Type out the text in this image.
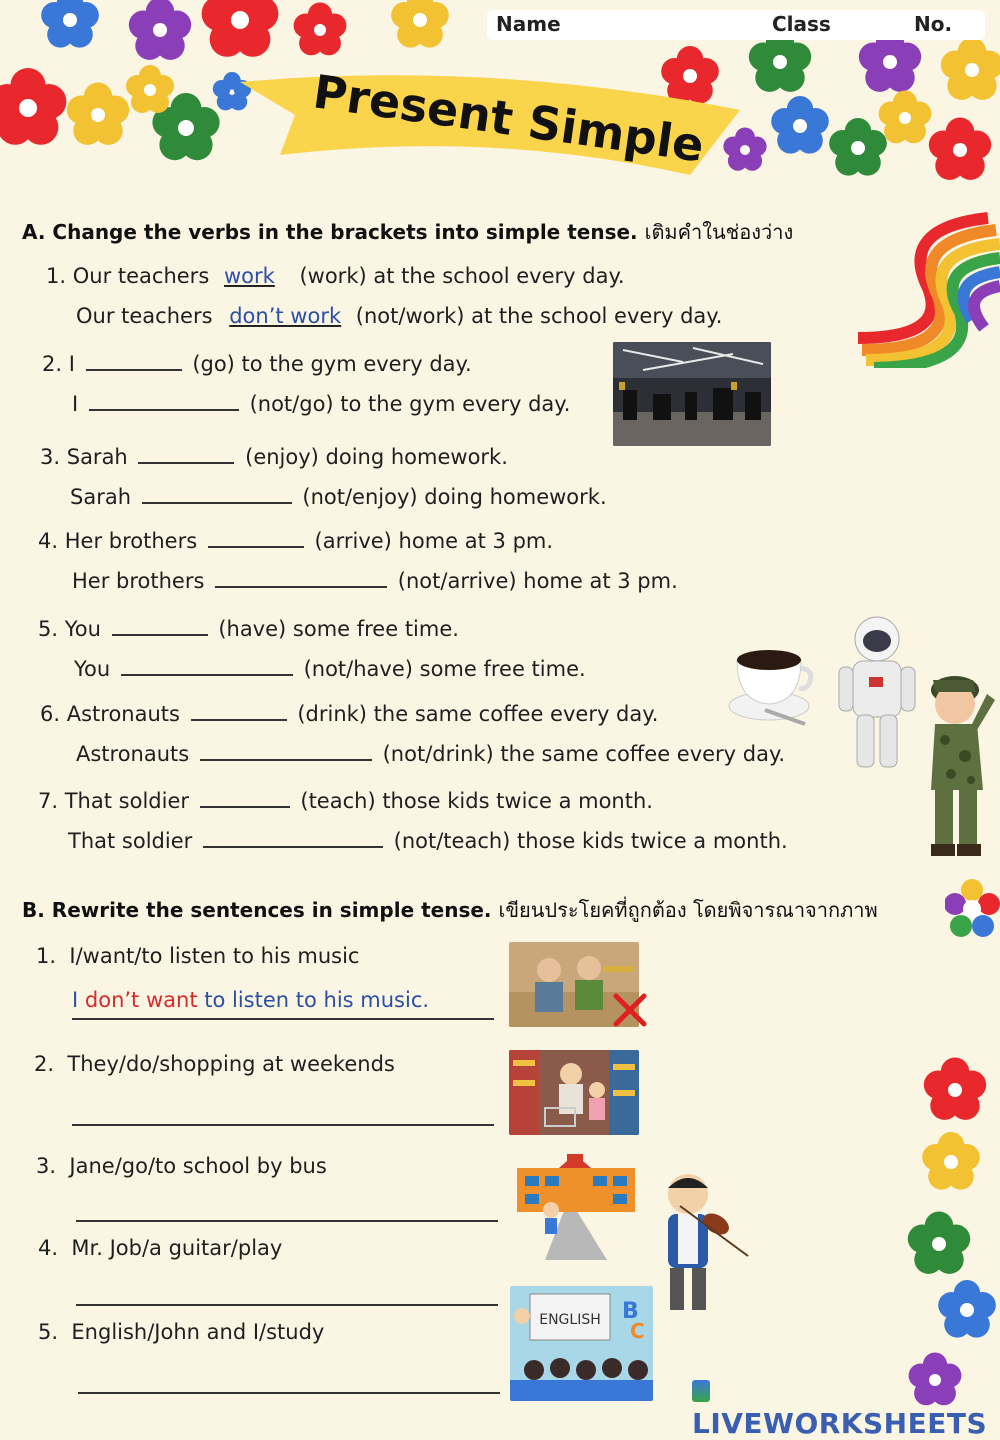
Name	Class	No.
Present Simple
A. Change the verbs in the brackets into simple tense. เติมคำในช่องว่าง
1. Our teachers work (work) at the school every day.
Our teachers don’t work (not/work) at the school every day.
2. I	(go) to the gym every day.
I	(not/go) to the gym every day.
3. Sarah	(enjoy) doing homework.
Sarah	(not/enjoy) doing homework.
4. Her brothers	(arrive) home at 3 pm.
Her brothers	(not/arrive) home at 3 pm.
5. You	(have) some free time.
You	(not/have) some free time.
6. Astronauts	(drink) the same coffee every day.
Astronauts	(not/drink) the same coffee every day.
7. That soldier	(teach) those kids twice a month.
That soldier	(not/teach) those kids twice a month.
B. Rewrite the sentences in simple tense. เขียนประโยคที่ถูกต้อง โดยพิจารณาจากภาพ
1. I/want/to listen to his music
I don’t want to listen to his music.
2. They/do/shopping at weekends
3. Jane/go/to school by bus
4. Mr. Job/a guitar/play
5. English/John and I/study	ENGLISH B
C
LIVEWORKSHEETS
